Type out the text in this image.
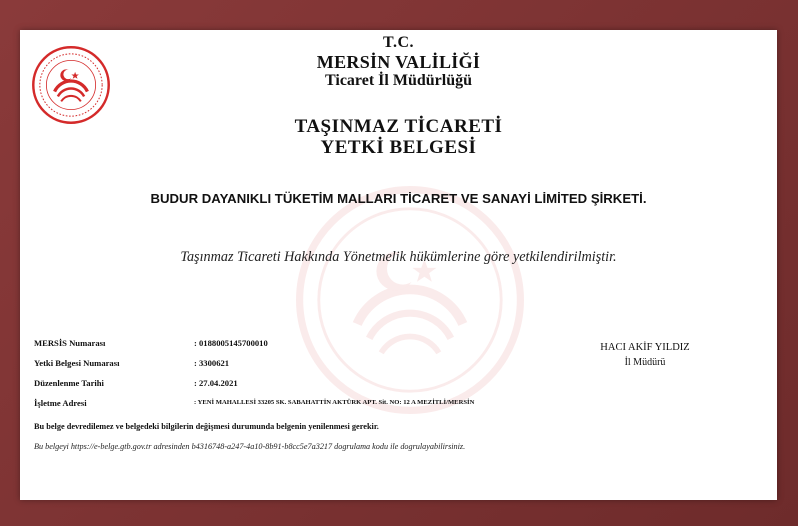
T.C.
MERSİN VALİLİĞİ
Ticaret İl Müdürlüğü
TAŞINMAZ TİCARETİ
YETKİ BELGESİ
BUDUR DAYANIKLI TÜKETİM MALLARI TİCARET VE SANAYİ LİMİTED ŞİRKETİ.
Taşınmaz Ticareti Hakkında Yönetmelik hükümlerine göre yetkilendirilmiştir.
MERSİS Numarası	: 0188005145700010
Yetki Belgesi Numarası	: 3300621
Düzenlenme Tarihi	: 27.04.2021
İşletme Adresi	: YENİ MAHALLESİ 33205 SK. SABAHATTİN AKTÜRK APT. Sit. NO: 12 A MEZİTLİ/MERSİN
Bu belge devredilemez ve belgedeki bilgilerin değişmesi durumunda belgenin yenilenmesi gerekir.
Bu belgeyi https://e-belge.gtb.gov.tr adresinden b4316748-a247-4a10-8b91-b8cc5e7a3217 dogrulama kodu ile dogrulayabilirsiniz.
HACI AKİF YILDIZ
İl Müdürü
